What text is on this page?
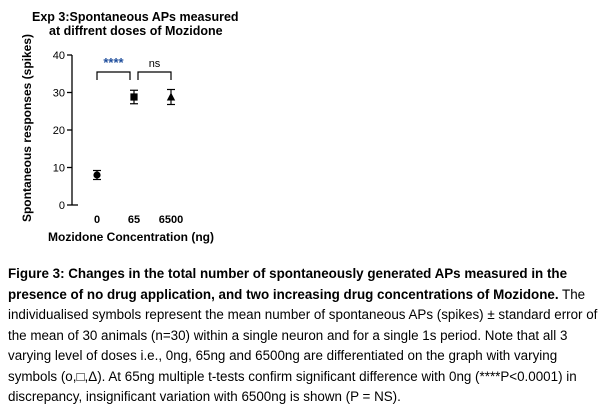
Exp 3:Spontaneous APs measured
at diffrent doses of Mozidone
Spontaneous responses (spikes)
Mozidone Concentration (ng)
0
10
20
30
40
0	65 6500
**** ns
Figure 3: Changes in the total number of spontaneously generated APs measured in the presence of no drug application, and two increasing drug concentrations of Mozidone. The individualised symbols represent the mean number of spontaneous APs (spikes) ± standard error of the mean of 30 animals (n=30) within a single neuron and for a single 1s period. Note that all 3 varying level of doses i.e., 0ng, 65ng and 6500ng are differentiated on the graph with varying symbols (o,□,Δ). At 65ng multiple t-tests confirm significant difference with 0ng (****P<0.0001) in discrepancy, insignificant variation with 6500ng is shown (P = NS).
